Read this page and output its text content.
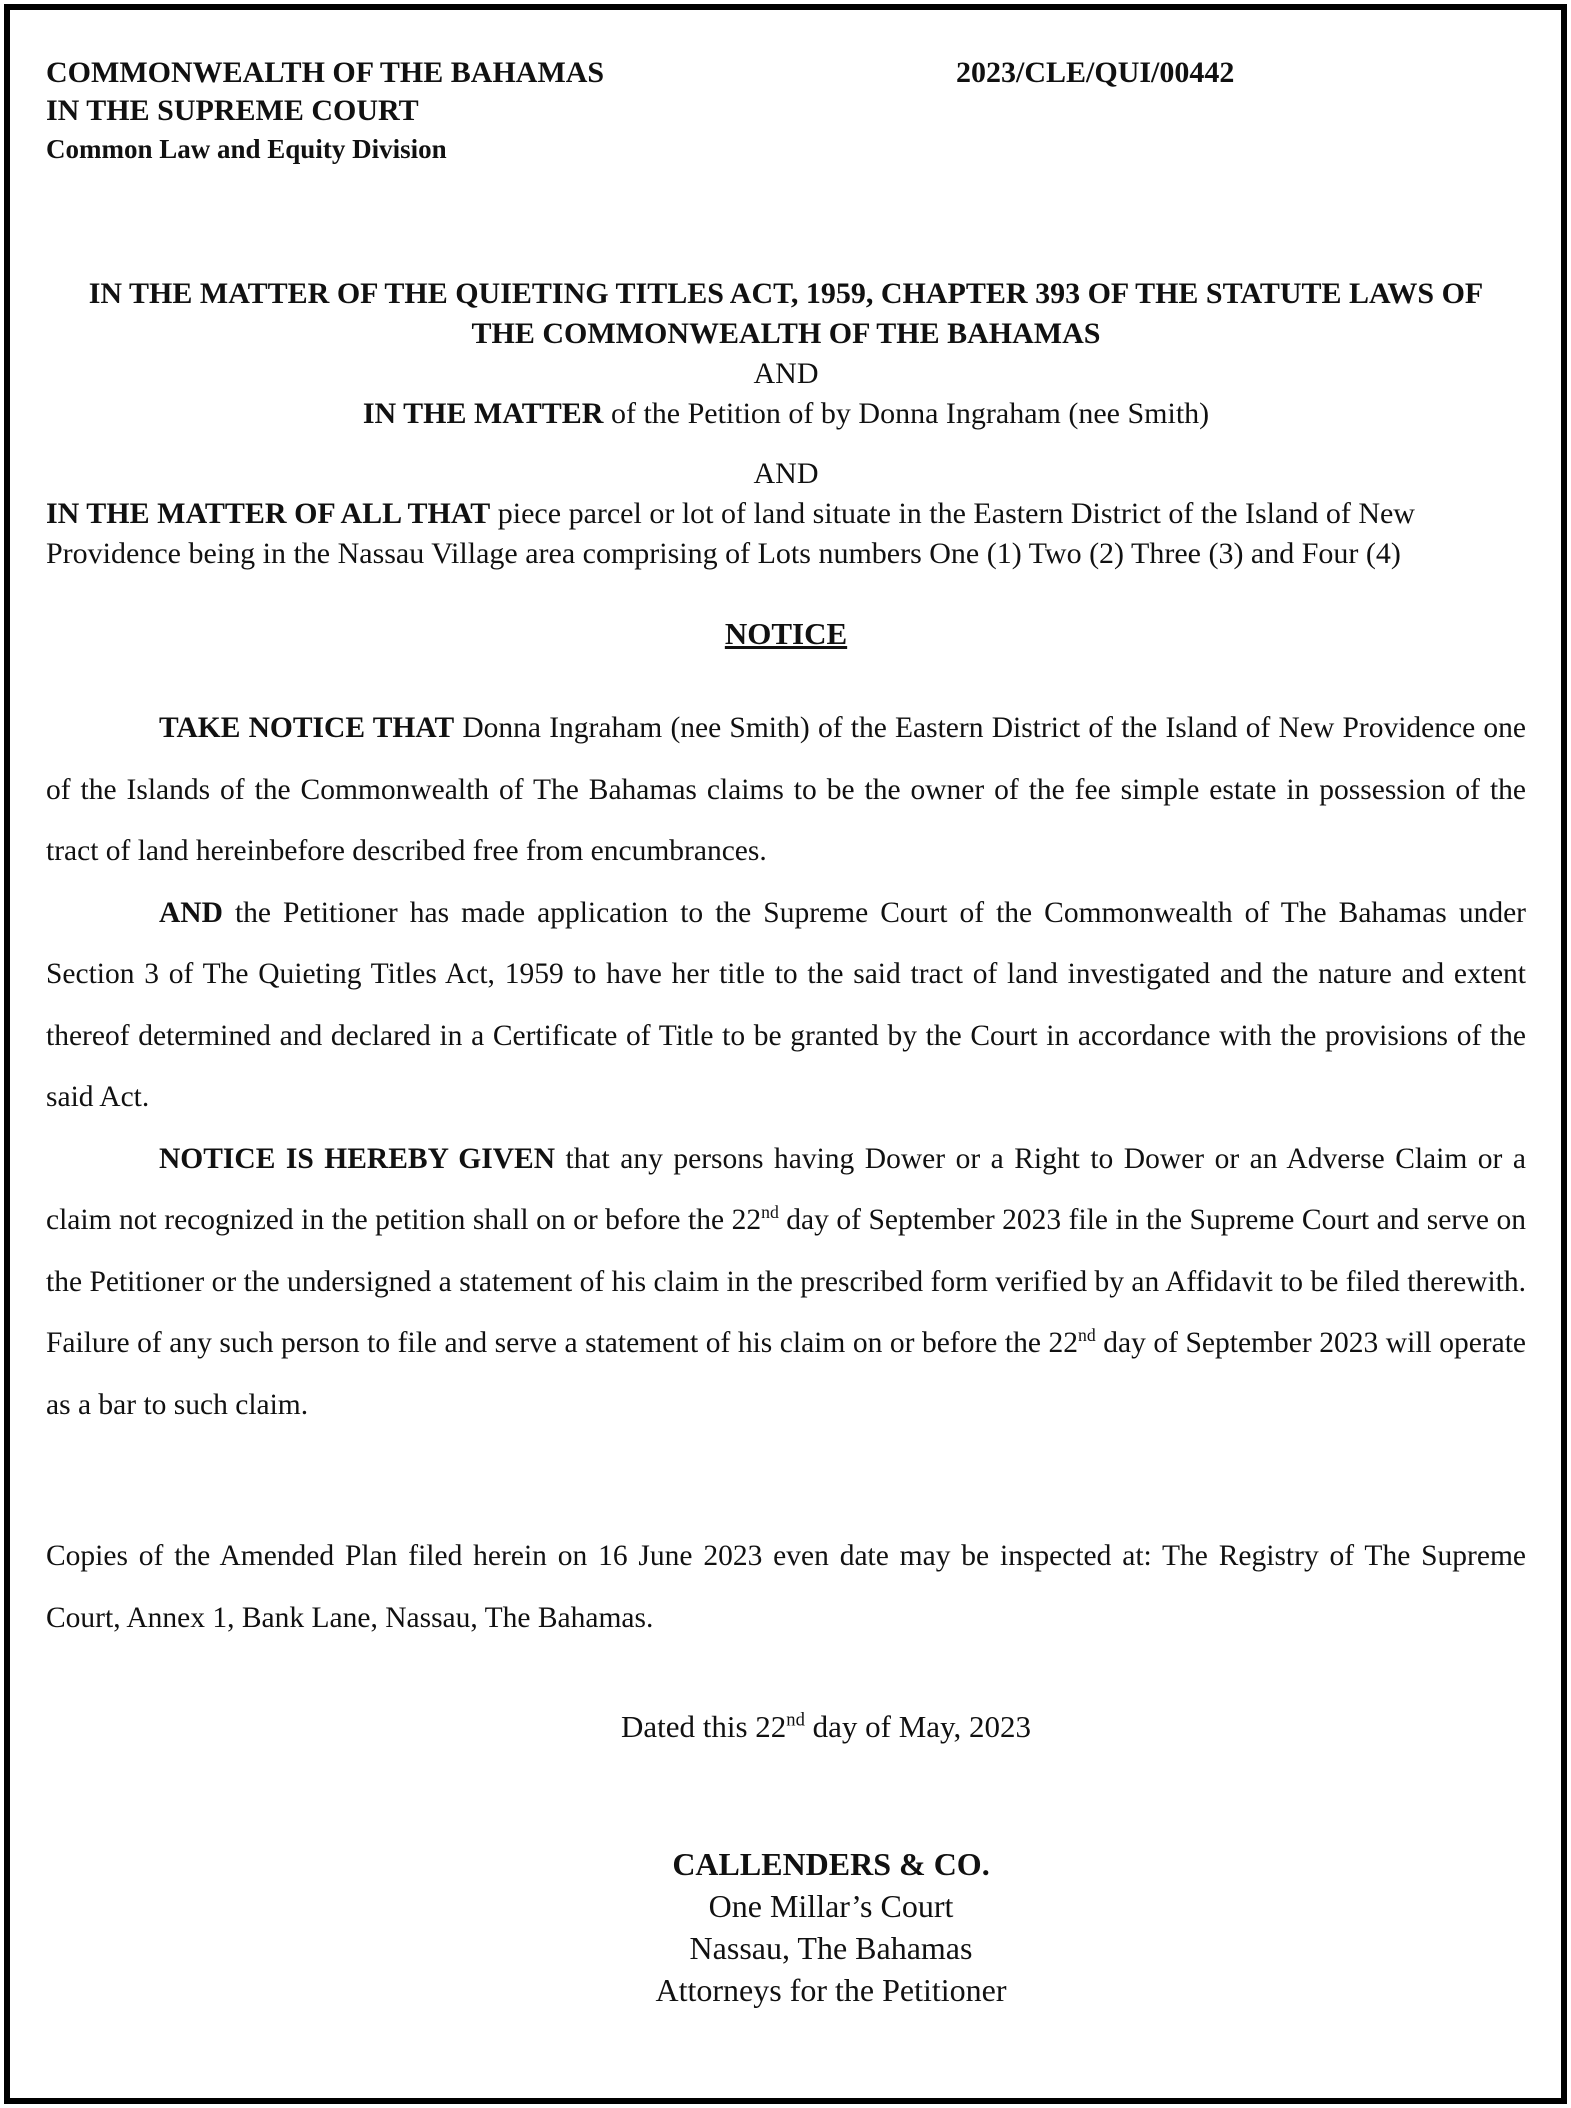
COMMONWEALTH OF THE BAHAMAS

IN THE SUPREME COURT

Common Law and Equity Division

2023/CLE/QUI/00442
IN THE MATTER OF THE QUIETING TITLES ACT, 1959, CHAPTER 393 OF THE STATUTE LAWS OF THE COMMONWEALTH OF THE BAHAMAS
AND
IN THE MATTER of the Petition of by Donna Ingraham (nee Smith)
AND

IN THE MATTER OF ALL THAT piece parcel or lot of land situate in the Eastern District of the Island of New Providence being in the Nassau Village area comprising of Lots numbers One (1) Two (2) Three (3) and Four (4)

NOTICE

TAKE NOTICE THAT Donna Ingraham (nee Smith) of the Eastern District of the Island of New Providence one of the Islands of the Commonwealth of The Bahamas claims to be the owner of the fee simple estate in possession of the tract of land hereinbefore described free from encumbrances.

AND the Petitioner has made application to the Supreme Court of the Commonwealth of The Bahamas under Section 3 of The Quieting Titles Act, 1959 to have her title to the said tract of land investigated and the nature and extent thereof determined and declared in a Certificate of Title to be granted by the Court in accordance with the provisions of the said Act.

NOTICE IS HEREBY GIVEN that any persons having Dower or a Right to Dower or an Adverse Claim or a claim not recognized in the petition shall on or before the 22nd day of September 2023 file in the Supreme Court and serve on the Petitioner or the undersigned a statement of his claim in the prescribed form verified by an Affidavit to be filed therewith. Failure of any such person to file and serve a statement of his claim on or before the 22nd day of September 2023 will operate as a bar to such claim.

Copies of the Amended Plan filed herein on 16 June 2023 even date may be inspected at: The Registry of The Supreme Court, Annex 1, Bank Lane, Nassau, The Bahamas.

Dated this 22nd day of May, 2023
CALLENDERS & CO.
One Millar’s Court
Nassau, The Bahamas
Attorneys for the Petitioner
